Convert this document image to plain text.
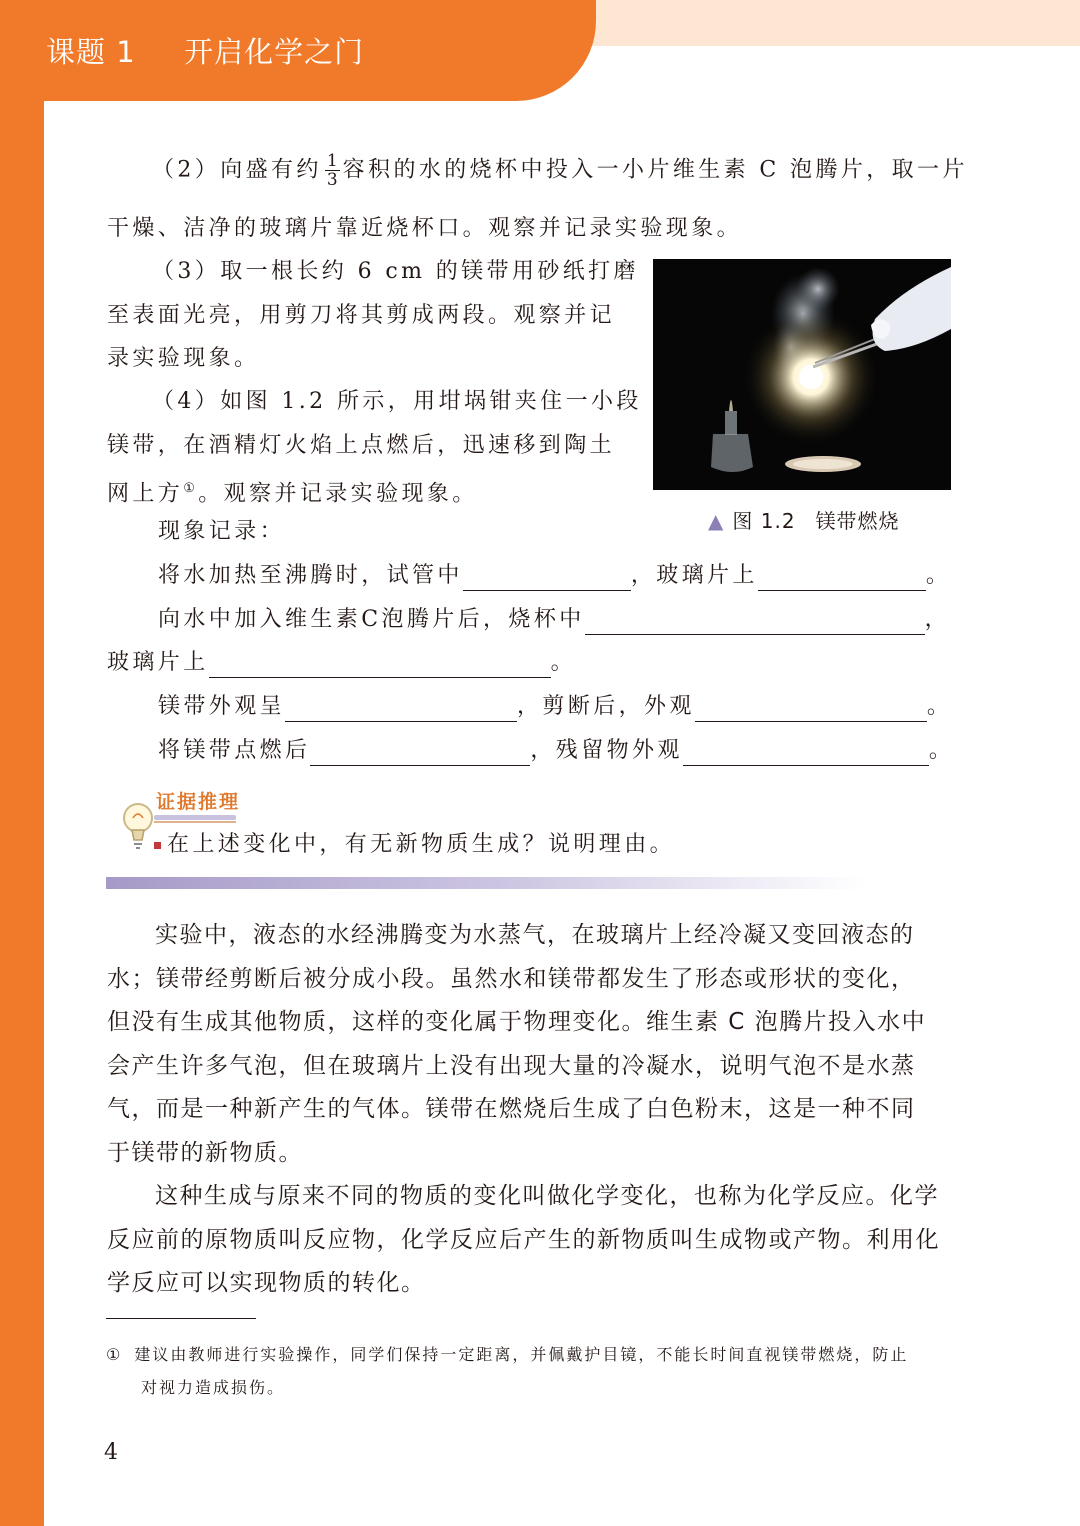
课题 1 开启化学之门
（2）向盛有约 $\frac{1}{3}$ 容积的水的烧杯中投入一小片维生素 C 泡腾片，取一片
干燥、洁净的玻璃片靠近烧杯口。观察并记录实验现象。
（3）取一根长约 6 cm 的镁带用砂纸打磨
至表面光亮，用剪刀将其剪成两段。观察并记
录实验现象。
（4）如图 1.2 所示，用坩埚钳夹住一小段
镁带，在酒精灯火焰上点燃后，迅速移到陶土
网上方①。观察并记录实验现象。
▲ 图 1.2 镁带燃烧
现象记录：
将水加热至沸腾时，试管中	，玻璃片上	。
向水中加入维生素C泡腾片后，烧杯中	，
玻璃片上	。
镁带外观呈	，剪断后，外观	。
将镁带点燃后	，残留物外观	。
证据推理
在上述变化中，有无新物质生成？说明理由。
实验中，液态的水经沸腾变为水蒸气，在玻璃片上经冷凝又变回液态的
水；镁带经剪断后被分成小段。虽然水和镁带都发生了形态或形状的变化，
但没有生成其他物质，这样的变化属于物理变化。维生素 C 泡腾片投入水中
会产生许多气泡，但在玻璃片上没有出现大量的冷凝水，说明气泡不是水蒸
气，而是一种新产生的气体。镁带在燃烧后生成了白色粉末，这是一种不同
于镁带的新物质。
这种生成与原来不同的物质的变化叫做化学变化，也称为化学反应。化学
反应前的原物质叫反应物，化学反应后产生的新物质叫生成物或产物。利用化
学反应可以实现物质的转化。
① 建议由教师进行实验操作，同学们保持一定距离，并佩戴护目镜，不能长时间直视镁带燃烧，防止
对视力造成损伤。
4
